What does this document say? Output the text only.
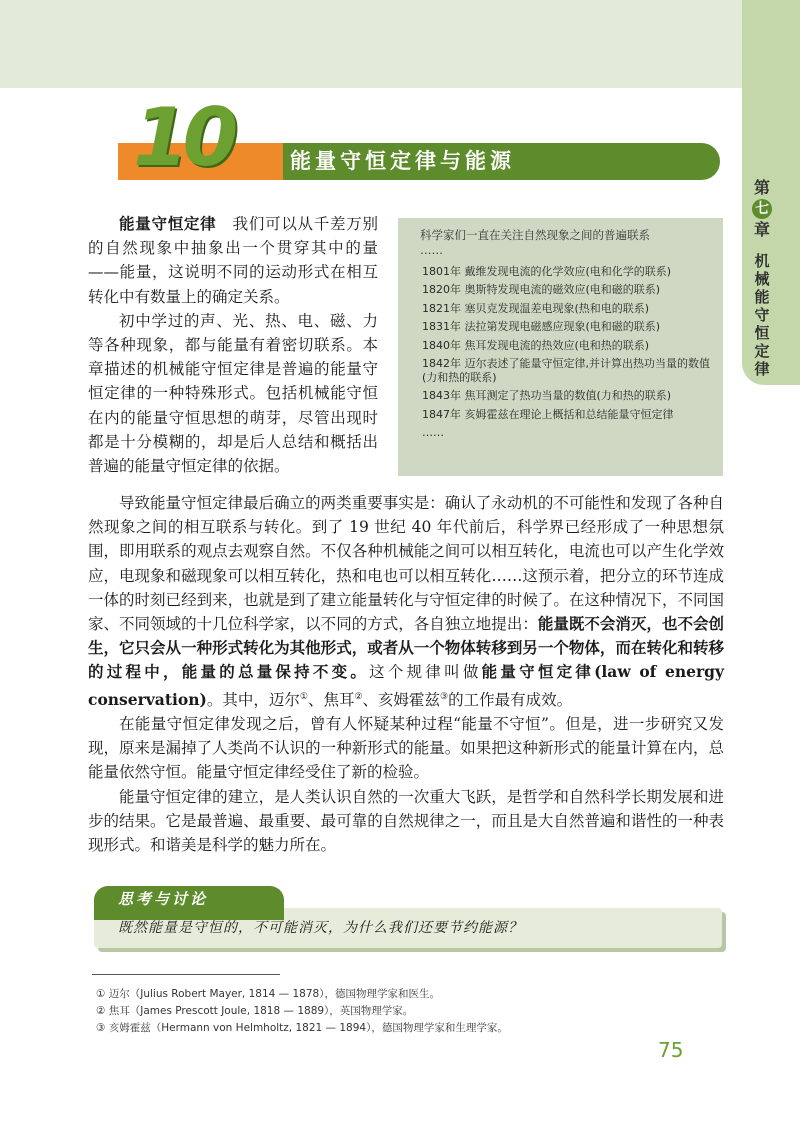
第
七
章
机械能守恒定律
10	能量守恒定律与能源

能量守恒定律　我们可以从千差万别的自然现象中抽象出一个贯穿其中的量——能量，这说明不同的运动形式在相互转化中有数量上的确定关系。

初中学过的声、光、热、电、磁、力等各种现象，都与能量有着密切联系。本章描述的机械能守恒定律是普遍的能量守恒定律的一种特殊形式。包括机械能守恒在内的能量守恒思想的萌芽，尽管出现时都是十分模糊的，却是后人总结和概括出普遍的能量守恒定律的依据。

科学家们一直在关注自然现象之间的普遍联系
……

1801年 戴维发现电流的化学效应(电和化学的联系)

1820年 奥斯特发现电流的磁效应(电和磁的联系)

1821年 塞贝克发现温差电现象(热和电的联系)

1831年 法拉第发现电磁感应现象(电和磁的联系)

1840年 焦耳发现电流的热效应(电和热的联系)

1842年 迈尔表述了能量守恒定律,并计算出热功当量的数值(力和热的联系)

1843年 焦耳测定了热功当量的数值(力和热的联系)

1847年 亥姆霍兹在理论上概括和总结能量守恒定律

……

导致能量守恒定律最后确立的两类重要事实是：确认了永动机的不可能性和发现了各种自然现象之间的相互联系与转化。到了 19 世纪 40 年代前后，科学界已经形成了一种思想氛围，即用联系的观点去观察自然。不仅各种机械能之间可以相互转化，电流也可以产生化学效应，电现象和磁现象可以相互转化，热和电也可以相互转化……这预示着，把分立的环节连成一体的时刻已经到来，也就是到了建立能量转化与守恒定律的时候了。在这种情况下，不同国家、不同领域的十几位科学家，以不同的方式，各自独立地提出：能量既不会消灭，也不会创生，它只会从一种形式转化为其他形式，或者从一个物体转移到另一个物体，而在转化和转移的过程中，能量的总量保持不变。这个规律叫做能量守恒定律(law of energy conservation)。其中，迈尔①、焦耳②、亥姆霍兹③的工作最有成效。

在能量守恒定律发现之后，曾有人怀疑某种过程“能量不守恒”。但是，进一步研究又发现，原来是漏掉了人类尚不认识的一种新形式的能量。如果把这种新形式的能量计算在内，总能量依然守恒。能量守恒定律经受住了新的检验。

能量守恒定律的建立，是人类认识自然的一次重大飞跃，是哲学和自然科学长期发展和进步的结果。它是最普遍、最重要、最可靠的自然规律之一，而且是大自然普遍和谐性的一种表现形式。和谐美是科学的魅力所在。

思考与讨论
既然能量是守恒的，不可能消灭，为什么我们还要节约能源？

① 迈尔（Julius Robert Mayer, 1814 — 1878），德国物理学家和医生。

② 焦耳（James Prescott Joule, 1818 — 1889），英国物理学家。

③ 亥姆霍兹（Hermann von Helmholtz, 1821 — 1894），德国物理学家和生理学家。

75
